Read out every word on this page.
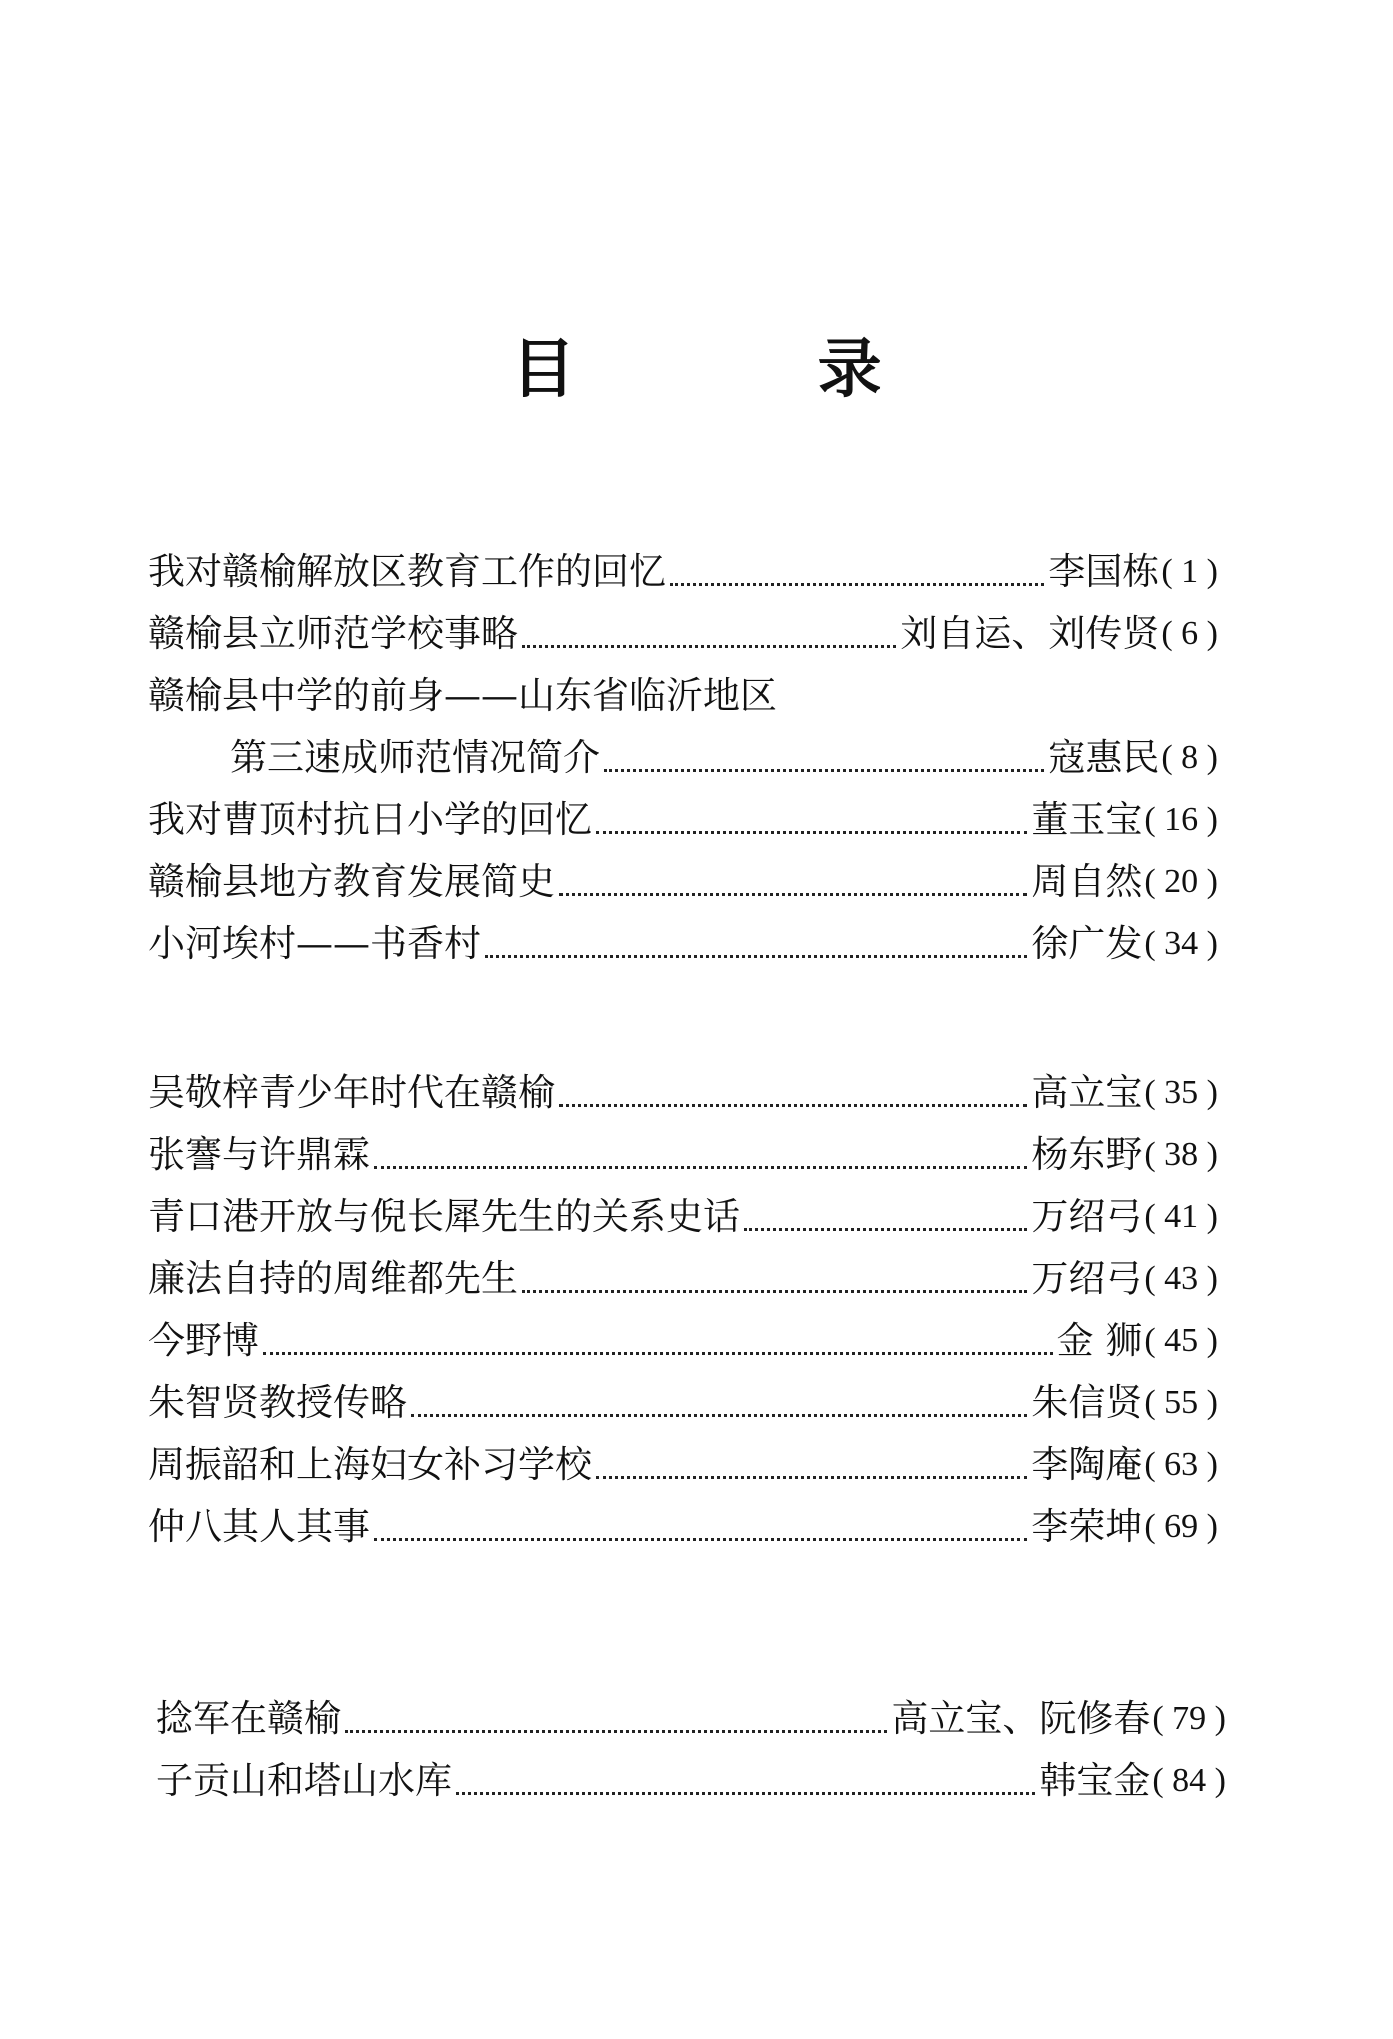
目 录
我对赣榆解放区教育工作的回忆	李国栋 ( 1 )
赣榆县立师范学校事略	刘自运、刘传贤 ( 6 )
赣榆县中学的前身——山东省临沂地区
第三速成师范情况简介	寇惠民 ( 8 )
我对曹顶村抗日小学的回忆	董玉宝 ( 16 )
赣榆县地方教育发展简史	周自然 ( 20 )
小河埃村——书香村	徐广发 ( 34 )
吴敬梓青少年时代在赣榆	高立宝 ( 35 )
张謇与许鼎霖	杨东野 ( 38 )
青口港开放与倪长犀先生的关系史话	万绍弓 ( 41 )
廉法自持的周维都先生	万绍弓 ( 43 )
今野博	金 狮 ( 45 )
朱智贤教授传略	朱信贤 ( 55 )
周振韶和上海妇女补习学校	李陶庵 ( 63 )
仲八其人其事	李荣坤 ( 69 )
捻军在赣榆	高立宝、阮修春 ( 79 )
子贡山和塔山水库	韩宝金 ( 84 )
